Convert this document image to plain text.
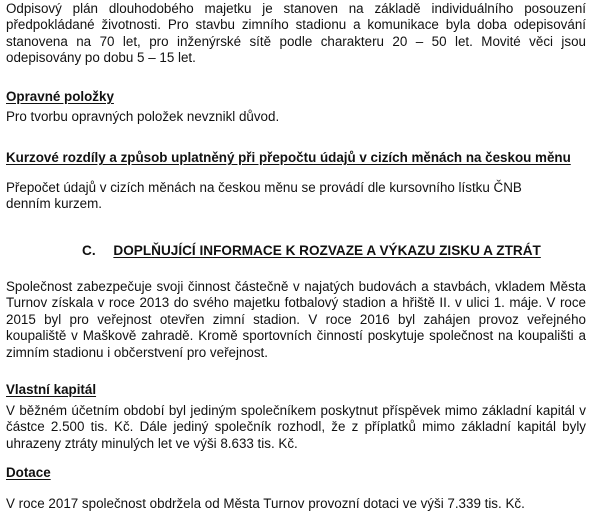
Odpisový plán dlouhodobého majetku je stanoven na základě individuálního posouzení předpokládané životnosti. Pro stavbu zimního stadionu a komunikace byla doba odepisování stanovena na 70 let, pro inženýrské sítě podle charakteru 20 – 50 let. Movité věci jsou odepisovány po dobu 5 – 15 let.

Opravné položky

Pro tvorbu opravných položek nevznikl důvod.

Kurzové rozdíly a způsob uplatněný při přepočtu údajů v cizích měnách na českou měnu

Přepočet údajů v cizích měnách na českou měnu se provádí dle kursovního lístku ČNB denním kurzem.

C. DOPLŇUJÍCÍ INFORMACE K ROZVAZE A VÝKAZU ZISKU A ZTRÁT

Společnost zabezpečuje svoji činnost částečně v najatých budovách a stavbách, vkladem Města Turnov získala v roce 2013 do svého majetku fotbalový stadion a hřiště II. v ulici 1. máje. V roce 2015 byl pro veřejnost otevřen zimní stadion. V roce 2016 byl zahájen provoz veřejného koupaliště v Maškově zahradě. Kromě sportovních činností poskytuje společnost na koupališti a zimním stadionu i občerstvení pro veřejnost.

Vlastní kapitál

V běžném účetním období byl jediným společníkem poskytnut příspěvek mimo základní kapitál v částce 2.500 tis. Kč. Dále jediný společník rozhodl, že z příplatků mimo základní kapitál byly uhrazeny ztráty minulých let ve výši 8.633 tis. Kč.

Dotace

V roce 2017 společnost obdržela od Města Turnov provozní dotaci ve výši 7.339 tis. Kč.
